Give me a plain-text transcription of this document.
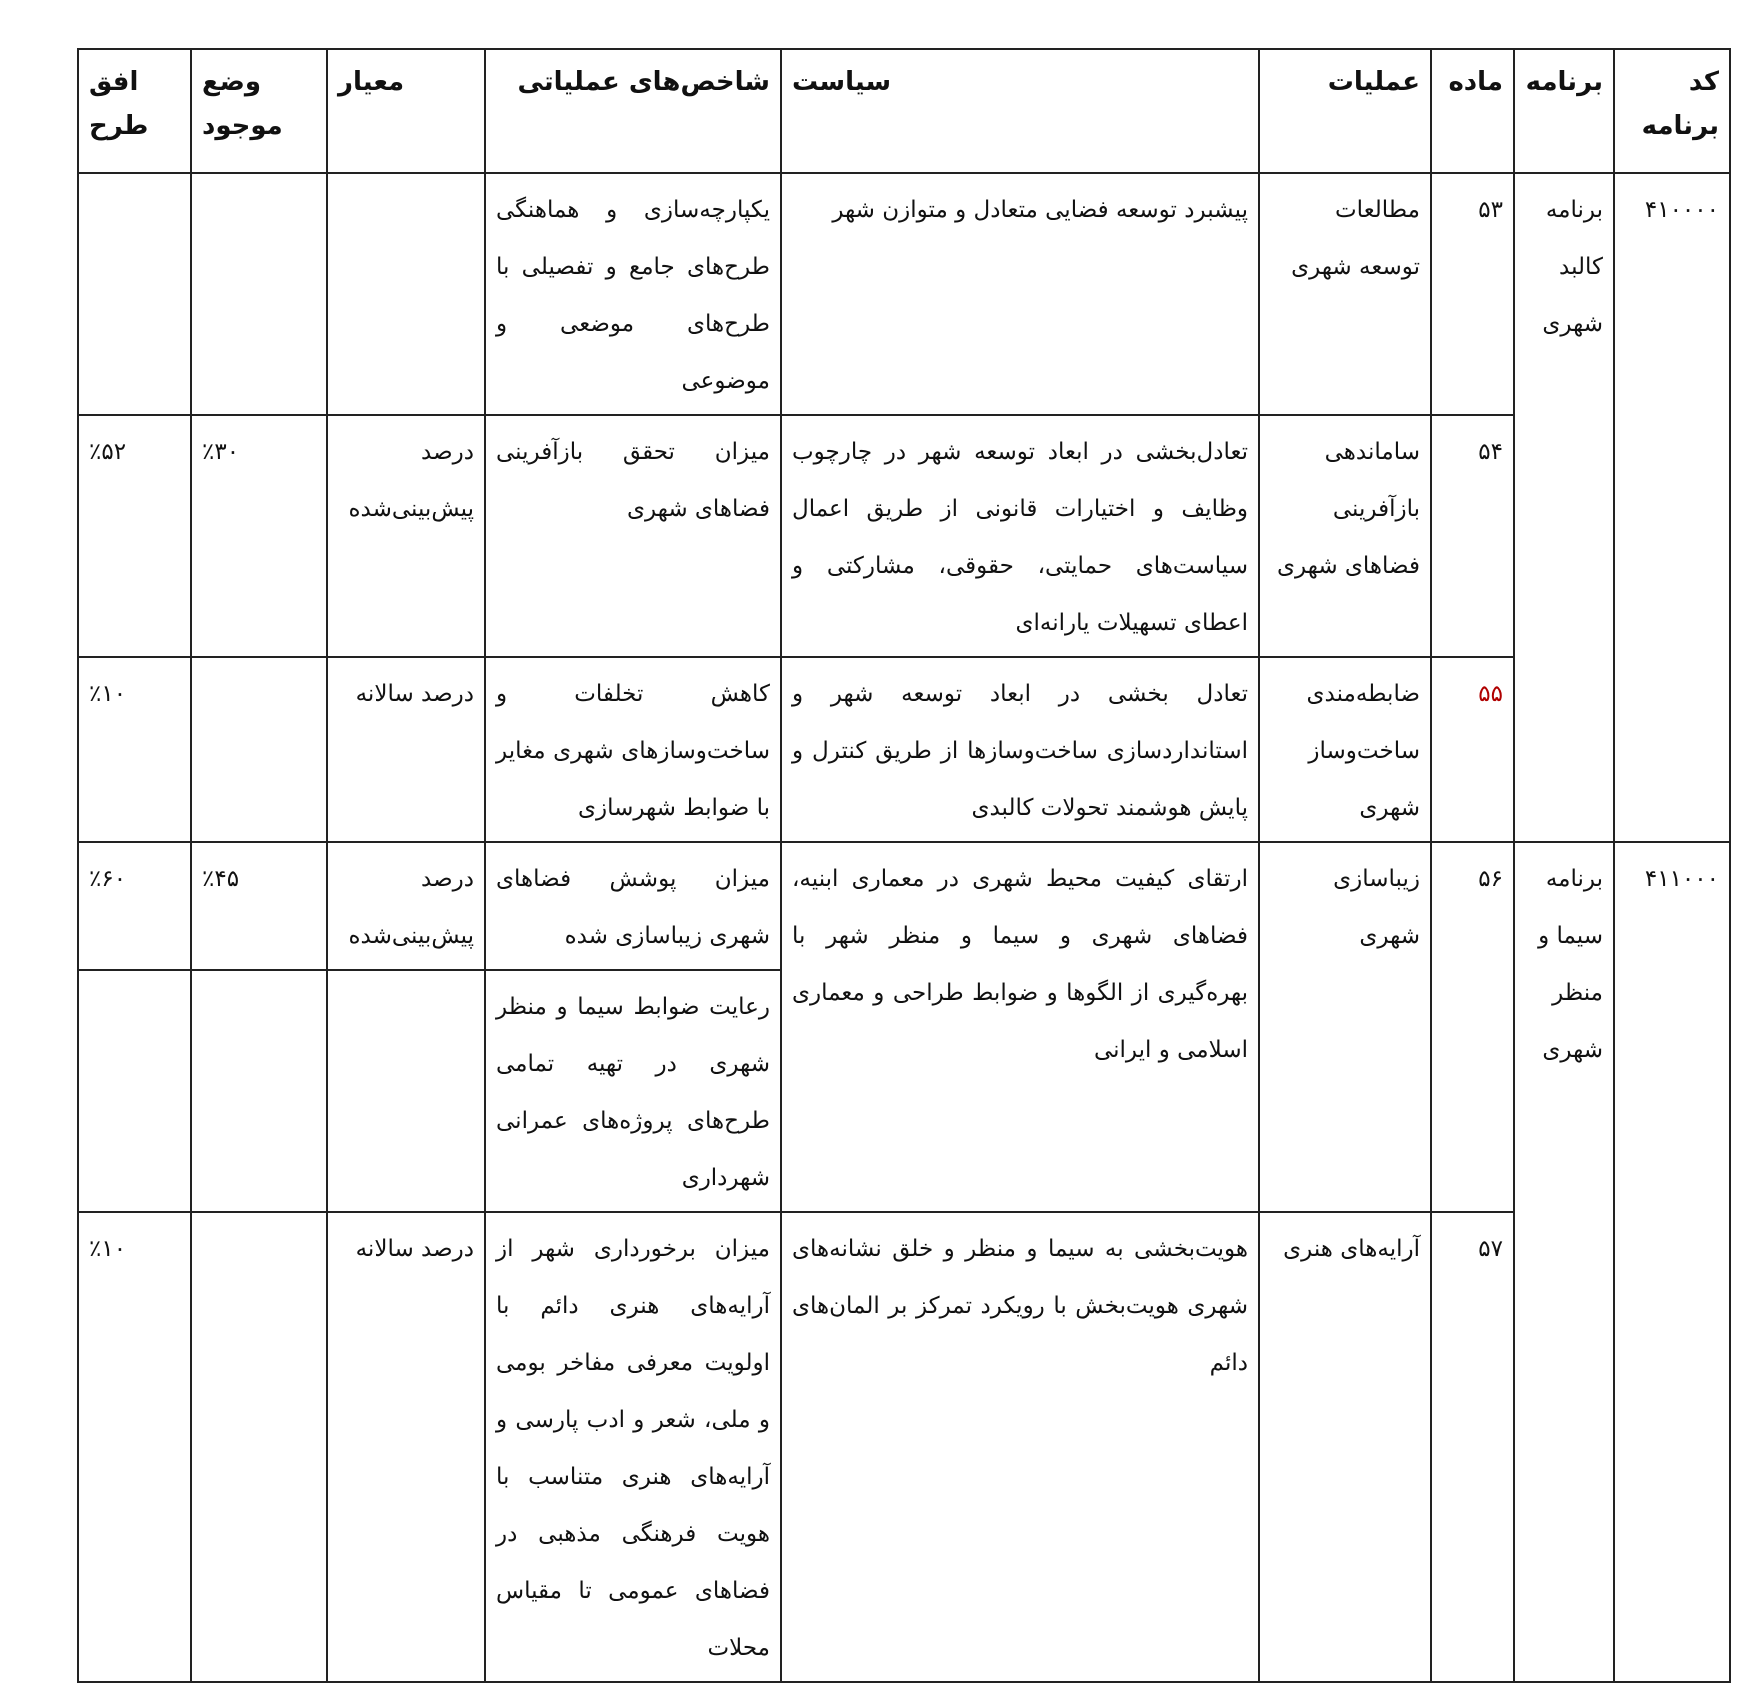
کد برنامه	برنامه	ماده	عملیات	سیاست	شاخص‌های عملیاتی	معیار	وضع موجود	افق طرح
۴۱۰۰۰۰	برنامه کالبد شهری	۵۳	مطالعات توسعه شهری	پیشبرد توسعه فضایی متعادل و متوازن شهر	یکپارچه‌سازی و هماهنگی طرح‌های جامع و تفصیلی با طرح‌های موضعی و موضوعی			
		۵۴	ساماندهی بازآفرینی فضاهای شهری	تعادل‌بخشی در ابعاد توسعه شهر در چارچوب وظایف و اختیارات قانونی از طریق اعمال سیاست‌های حمایتی، حقوقی، مشارکتی و اعطای تسهیلات یارانه‌ای	میزان تحقق بازآفرینی فضاهای شهری	درصد پیش‌بینی‌شده	٪۳۰	٪۵۲
		۵۵	ضابطه‌مندی ساخت‌وساز شهری	تعادل بخشی در ابعاد توسعه شهر و استانداردسازی ساخت‌وسازها از طریق کنترل و پایش هوشمند تحولات کالبدی	کاهش تخلفات و ساخت‌وسازهای شهری مغایر با ضوابط شهرسازی	درصد سالانه		٪۱۰
۴۱۱۰۰۰	برنامه سیما و منظر شهری	۵۶	زیباسازی شهری	ارتقای کیفیت محیط شهری در معماری ابنیه، فضاهای شهری و سیما و منظر شهر با بهره‌گیری از الگوها و ضوابط طراحی و معماری اسلامی و ایرانی	میزان پوشش فضاهای شهری زیباسازی شده	درصد پیش‌بینی‌شده	٪۴۵	٪۶۰
					رعایت ضوابط سیما و منظر شهری در تهیه تمامی طرح‌های پروژه‌های عمرانی شهرداری			
		۵۷	آرایه‌های هنری	هویت‌بخشی به سیما و منظر و خلق نشانه‌های شهری هویت‌بخش با رویکرد تمرکز بر المان‌های دائم	میزان برخورداری شهر از آرایه‌های هنری دائم با اولویت معرفی مفاخر بومی و ملی، شعر و ادب پارسی و آرایه‌های هنری متناسب با هویت فرهنگی مذهبی در فضاهای عمومی تا مقیاس محلات	درصد سالانه		٪۱۰
